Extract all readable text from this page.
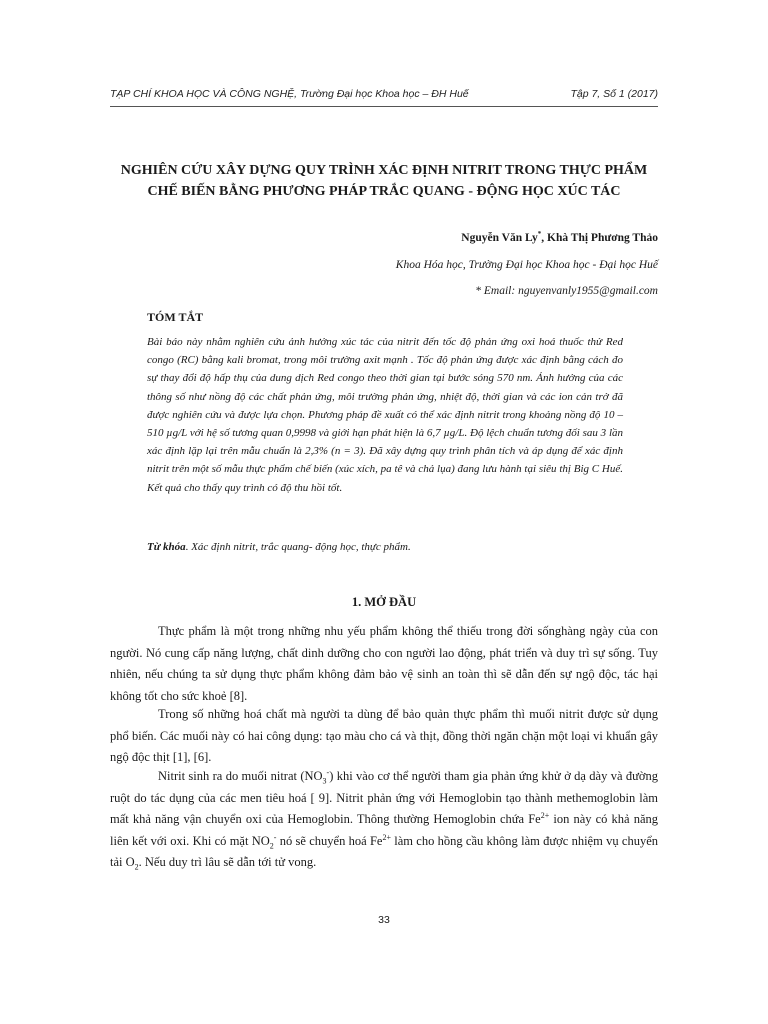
TẠP CHÍ KHOA HỌC VÀ CÔNG NGHỆ, Trường Đại học Khoa học – ĐH Huế	Tập 7, Số 1 (2017)
NGHIÊN CỨU XÂY DỰNG QUY TRÌNH XÁC ĐỊNH NITRIT TRONG THỰC PHẨM
CHẾ BIẾN BẰNG PHƯƠNG PHÁP TRẮC QUANG - ĐỘNG HỌC XÚC TÁC
Nguyễn Văn Ly*, Khà Thị Phương Thảo
Khoa Hóa học, Trường Đại học Khoa học - Đại học Huế
* Email: nguyenvanly1955@gmail.com
TÓM TẮT
Bài báo này nhằm nghiên cứu ảnh hưởng xúc tác của nitrit đến tốc độ phản ứng oxi hoá thuốc thử Red congo (RC) bằng kali bromat, trong môi trường axit mạnh . Tốc độ phản ứng được xác định bằng cách đo sự thay đổi độ hấp thụ của dung dịch Red congo theo thời gian tại bước sóng 570 nm. Ảnh hưởng của các thông số như nồng độ các chất phản ứng, môi trường phản ứng, nhiệt độ, thời gian và các ion cản trở đã được nghiên cứu và được lựa chọn. Phương pháp đề xuất có thể xác định nitrit trong khoảng nồng độ 10 – 510 µg/L với hệ số tương quan 0,9998 và giới hạn phát hiện là 6,7 µg/L. Độ lệch chuẩn tương đối sau 3 lần xác định lặp lại trên mẫu chuẩn là 2,3% (n = 3). Đã xây dựng quy trình phân tích và áp dụng để xác định nitrit trên một số mẫu thực phẩm chế biến (xúc xích, pa tê và chả lụa) đang lưu hành tại siêu thị Big C Huế. Kết quả cho thấy quy trình có độ thu hồi tốt.
Từ khóa. Xác định nitrit, trắc quang- động học, thực phẩm.
1. MỞ ĐẦU

Thực phẩm là một trong những nhu yếu phẩm không thể thiếu trong đời sốnghàng ngày của con người. Nó cung cấp năng lượng, chất dinh dưỡng cho con người lao động, phát triển và duy trì sự sống. Tuy nhiên, nếu chúng ta sử dụng thực phẩm không đảm bảo vệ sinh an toàn thì sẽ dẫn đến sự ngộ độc, tác hại không tốt cho sức khoẻ [8].

Trong số những hoá chất mà người ta dùng để bảo quản thực phẩm thì muối nitrit được sử dụng phổ biến. Các muối này có hai công dụng: tạo màu cho cá và thịt, đồng thời ngăn chặn một loại vi khuẩn gây ngộ độc thịt [1], [6].

Nitrit sinh ra do muối nitrat $(NO_3^-)$ khi vào cơ thể người tham gia phản ứng khử ở dạ dày và đường ruột do tác dụng của các men tiêu hoá [ 9]. Nitrit phản ứng với Hemoglobin tạo thành methemoglobin làm mất khả năng vận chuyển oxi của Hemoglobin. Thông thường Hemoglobin chứa $Fe^{2+}$ ion này có khả năng liên kết với oxi. Khi có mặt $NO_2^-$ nó sẽ chuyển hoá $Fe^{2+}$ làm cho hồng cầu không làm được nhiệm vụ chuyển tải $O_2$. Nếu duy trì lâu sẽ dẫn tới tử vong.

33
